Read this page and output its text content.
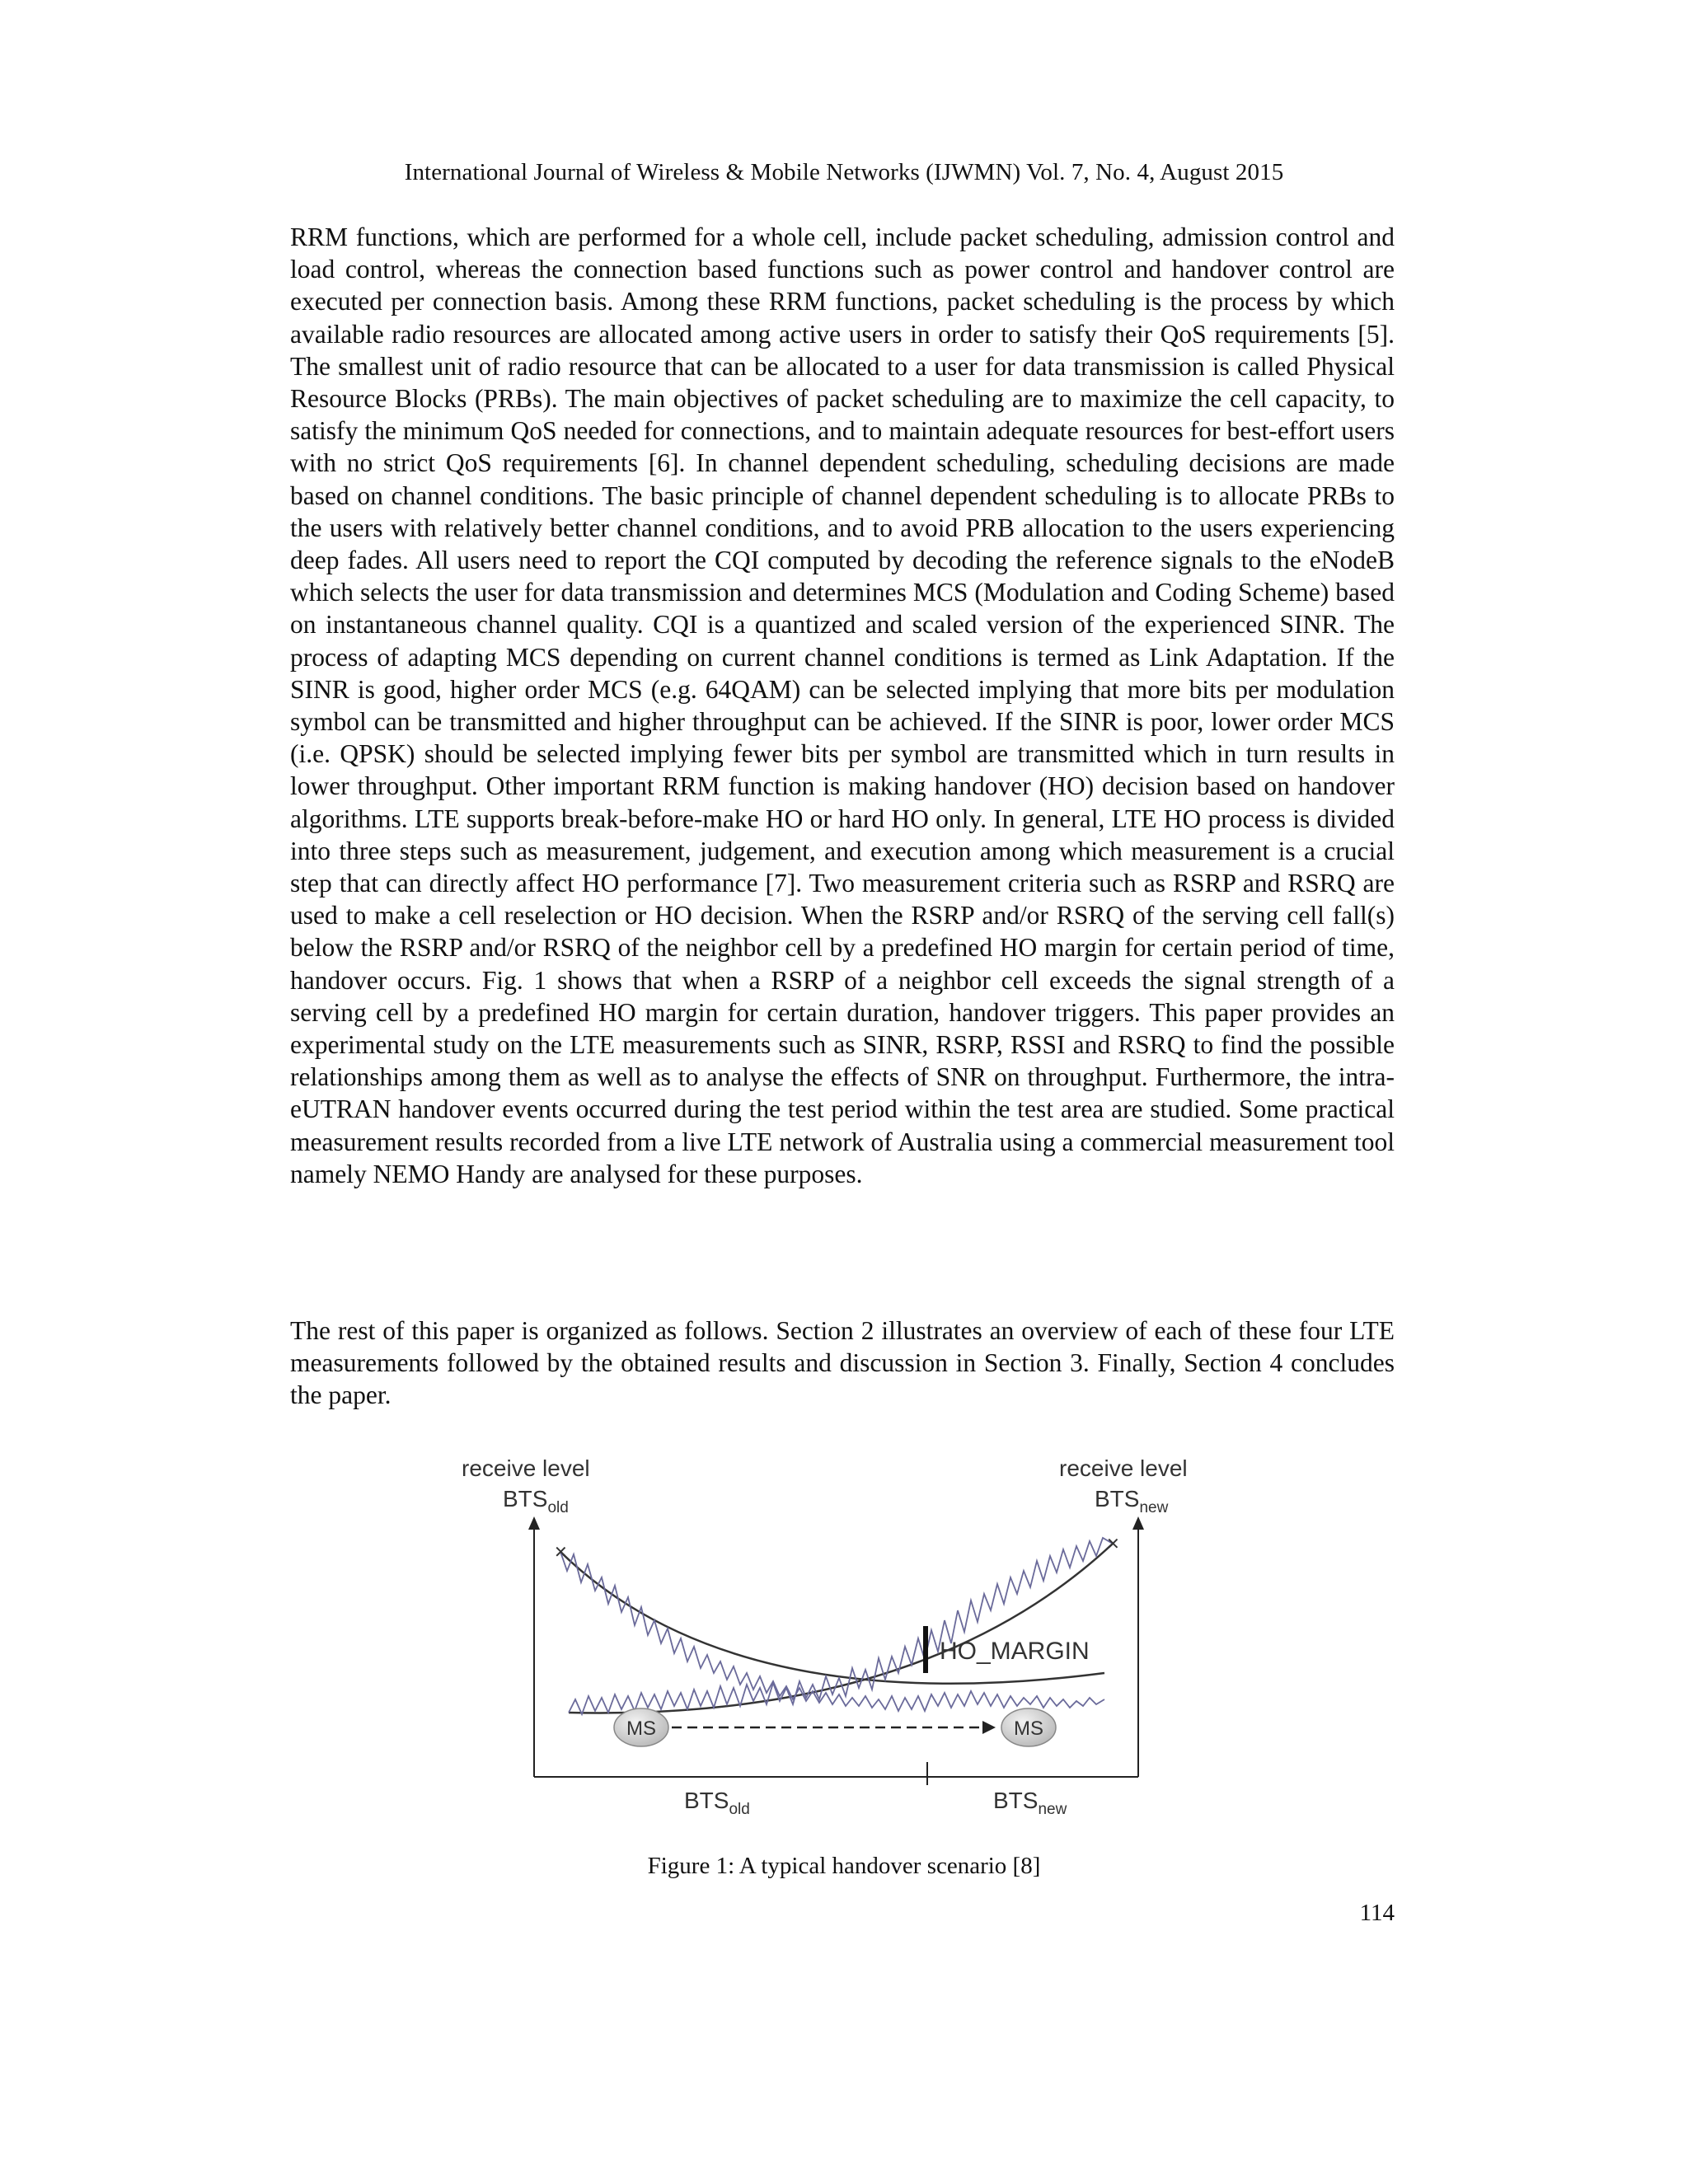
International Journal of Wireless & Mobile Networks (IJWMN) Vol. 7, No. 4, August 2015

RRM functions, which are performed for a whole cell, include packet scheduling, admission control and load control, whereas the connection based functions such as power control and handover control are executed per connection basis. Among these RRM functions, packet scheduling is the process by which available radio resources are allocated among active users in order to satisfy their QoS requirements [5]. The smallest unit of radio resource that can be allocated to a user for data transmission is called Physical Resource Blocks (PRBs). The main objectives of packet scheduling are to maximize the cell capacity, to satisfy the minimum QoS needed for connections, and to maintain adequate resources for best-effort users with no strict QoS requirements [6]. In channel dependent scheduling, scheduling decisions are made based on channel conditions. The basic principle of channel dependent scheduling is to allocate PRBs to the users with relatively better channel conditions, and to avoid PRB allocation to the users experiencing deep fades. All users need to report the CQI computed by decoding the reference signals to the eNodeB which selects the user for data transmission and determines MCS (Modulation and Coding Scheme) based on instantaneous channel quality. CQI is a quantized and scaled version of the experienced SINR. The process of adapting MCS depending on current channel conditions is termed as Link Adaptation. If the SINR is good, higher order MCS (e.g. 64QAM) can be selected implying that more bits per modulation symbol can be transmitted and higher throughput can be achieved. If the SINR is poor, lower order MCS (i.e. QPSK) should be selected implying fewer bits per symbol are transmitted which in turn results in lower throughput. Other important RRM function is making handover (HO) decision based on handover algorithms. LTE supports break-before-make HO or hard HO only. In general, LTE HO process is divided into three steps such as measurement, judgement, and execution among which measurement is a crucial step that can directly affect HO performance [7]. Two measurement criteria such as RSRP and RSRQ are used to make a cell reselection or HO decision. When the RSRP and/or RSRQ of the serving cell fall(s) below the RSRP and/or RSRQ of the neighbor cell by a predefined HO margin for certain period of time, handover occurs. Fig. 1 shows that when a RSRP of a neighbor cell exceeds the signal strength of a serving cell by a predefined HO margin for certain duration, handover triggers. This paper provides an experimental study on the LTE measurements such as SINR, RSRP, RSSI and RSRQ to find the possible relationships among them as well as to analyse the effects of SNR on throughput. Furthermore, the intra-eUTRAN handover events occurred during the test period within the test area are studied. Some practical measurement results recorded from a live LTE network of Australia using a commercial measurement tool namely NEMO Handy are analysed for these purposes.

The rest of this paper is organized as follows. Section 2 illustrates an overview of each of these four LTE measurements followed by the obtained results and discussion in Section 3. Finally, Section 4 concludes the paper.

receive level
$BTS_{old}$
receive level
$BTS_{new}$
✕	✕
HO_MARGIN
MS	MS
$BTS_{old}$	$BTS_{new}$
Figure 1: A typical handover scenario [8]
114
